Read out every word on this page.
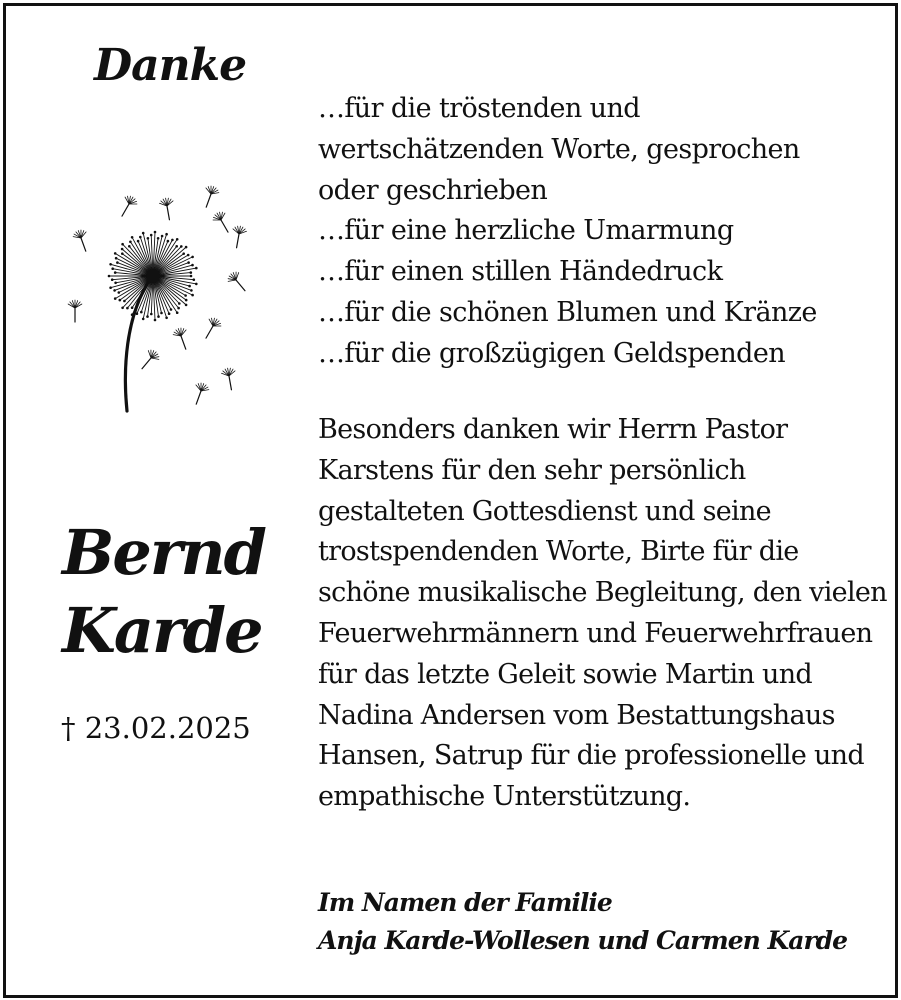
Danke
Bernd
Karde
† 23.02.2025
…für die tröstenden und
wertschätzenden Worte, gesprochen
oder geschrieben
…für eine herzliche Umarmung
…für einen stillen Händedruck
…für die schönen Blumen und Kränze
…für die großzügigen Geldspenden
Besonders danken wir Herrn Pastor Karstens für den sehr persönlich gestalteten Gottesdienst und seine trostspendenden Worte, Birte für die schöne musikalische Begleitung, den vielen Feuerwehrmännern und Feuerwehrfrauen für das letzte Geleit sowie Martin und Nadina Andersen vom Bestattungshaus Hansen, Satrup für die professionelle und empathische Unterstützung.
Im Namen der Familie
Anja Karde-Wollesen und Carmen Karde
